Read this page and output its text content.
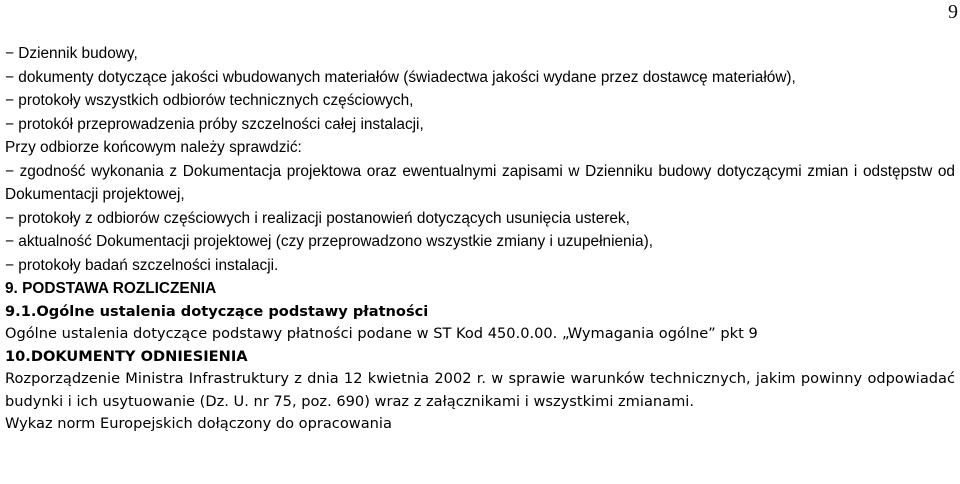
9

− Dziennik budowy,

− dokumenty dotyczące jakości wbudowanych materiałów (świadectwa jakości wydane przez dostawcę materiałów),

− protokoły wszystkich odbiorów technicznych częściowych,

− protokół przeprowadzenia próby szczelności całej instalacji,

Przy odbiorze końcowym należy sprawdzić:

− zgodność wykonania z Dokumentacja projektowa oraz ewentualnymi zapisami w Dzienniku budowy dotyczącymi zmian i odstępstw od Dokumentacji projektowej,

− protokoły z odbiorów częściowych i realizacji postanowień dotyczących usunięcia usterek,

− aktualność Dokumentacji projektowej (czy przeprowadzono wszystkie zmiany i uzupełnienia),

− protokoły badań szczelności instalacji.

9. PODSTAWA ROZLICZENIA

9.1.Ogólne ustalenia dotyczące podstawy płatności

Ogólne ustalenia dotyczące podstawy płatności podane w ST Kod 450.0.00. „Wymagania ogólne” pkt 9

10.DOKUMENTY ODNIESIENIA

Rozporządzenie Ministra Infrastruktury z dnia 12 kwietnia 2002 r. w sprawie warunków technicznych, jakim powinny odpowiadać budynki i ich usytuowanie (Dz. U. nr 75, poz. 690) wraz z załącznikami i wszystkimi zmianami.

Wykaz norm Europejskich dołączony do opracowania
